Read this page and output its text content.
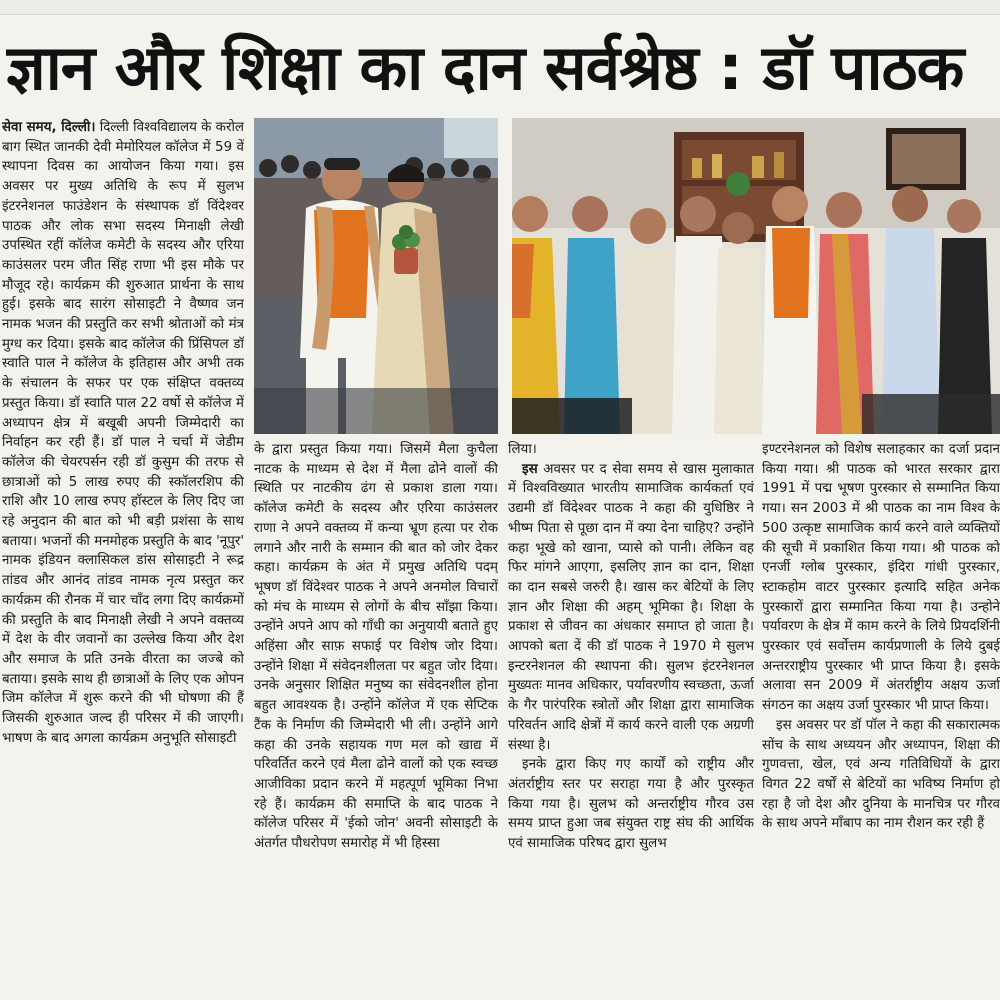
ज्ञान और शिक्षा का दान सर्वश्रेष्ठ : डॉ पाठक

सेवा समय, दिल्ली। दिल्ली विश्वविद्यालय के करोल बाग स्थित जानकी देवी मेमोरियल कॉलेज में 59 वें स्थापना दिवस का आयोजन किया गया। इस अवसर पर मुख्य अतिथि के रूप में सुलभ इंटरनेशनल फाउंडेशन के संस्थापक डॉ विंदेश्वर पाठक और लोक सभा सदस्य मिनाक्षी लेखी उपस्थित रहीं कॉलेज कमेटी के सदस्य और एरिया काउंसलर परम जीत सिंह राणा भी इस मौके पर मौजूद रहे। कार्यक्रम की शुरुआत प्रार्थना के साथ हुई। इसके बाद सारंग सोसाइटी ने वैष्णव जन नामक भजन की प्रस्तुति कर सभी श्रोताओं को मंत्र मुग्ध कर दिया। इसके बाद कॉलेज की प्रिंसिपल डॉ स्वाति पाल ने कॉलेज के इतिहास और अभी तक के संचालन के सफर पर एक संक्षिप्त वक्तव्य प्रस्तुत किया। डॉ स्वाति पाल 22 वर्षो से कॉलेज में अध्यापन क्षेत्र में बखूबी अपनी जिम्मेदारी का निर्वाहन कर रही हैं। डॉ पाल ने चर्चा में जेडीम कॉलेज की चेयरपर्सन रही डॉ कुसुम की तरफ से छात्राओं को 5 लाख रुपए की स्कॉलरशिप की राशि और 10 लाख रुपए हॉस्टल के लिए दिए जा रहे अनुदान की बात को भी बड़ी प्रशंसा के साथ बताया। भजनों की मनमोहक प्रस्तुति के बाद 'नूपुर' नामक इंडियन क्लासिकल डांस सोसाइटी ने रूद्र तांडव और आनंद तांडव नामक नृत्य प्रस्तुत कर कार्यक्रम की रौनक में चार चाँद लगा दिए कार्यक्रमों की प्रस्तुति के बाद मिनाक्षी लेखी ने अपने वक्तव्य में देश के वीर जवानों का उल्लेख किया और देश और समाज के प्रति उनके वीरता का जज्बे को बताया। इसके साथ ही छात्राओं के लिए एक ओपन जिम कॉलेज में शुरू करने की भी घोषणा की हैं जिसकी शुरुआत जल्द ही परिसर में की जाएगी। भाषण के बाद अगला कार्यक्रम अनुभूति सोसाइटी

के द्वारा प्रस्तुत किया गया। जिसमें मैला कुचैला नाटक के माध्यम से देश में मैला ढोने वालों की स्थिति पर नाटकीय ढंग से प्रकाश डाला गया। कॉलेज कमेटी के सदस्य और एरिया काउंसलर राणा ने अपने वक्तव्य में कन्या भ्रूण हत्या पर रोक लगाने और नारी के सम्मान की बात को जोर देकर कहा। कार्यक्रम के अंत में प्रमुख अतिथि पदम् भूषण डॉ विंदेश्वर पाठक ने अपने अनमोल विचारों को मंच के माध्यम से लोगों के बीच सॉंझा किया। उन्होंने अपने आप को गाँधी का अनुयायी बताते हुए अहिंसा और साफ़ सफाई पर विशेष जोर दिया। उन्होंने शिक्षा में संवेदनशीलता पर बहुत जोर दिया। उनके अनुसार शिक्षित मनुष्य का संवेदनशील होना बहुत आवश्यक है। उन्होंने कॉलेज में एक सेप्टिक टैंक के निर्माण की जिम्मेदारी भी ली। उन्होंने आगे कहा की उनके सहायक गण मल को खाद्य में परिवर्तित करने एवं मैला ढोने वालों को एक स्वच्छ आजीविका प्रदान करने में महत्पूर्ण भूमिका निभा रहे हैं। कार्यक्रम की समाप्ति के बाद पाठक ने कॉलेज परिसर में 'ईको जोन' अवनी सोसाइटी के अंतर्गत पौधरोपण समारोह में भी हिस्सा

लिया।

इस अवसर पर द सेवा समय से खास मुलाकात में विश्वविख्यात भारतीय सामाजिक कार्यकर्ता एवं उद्यमी डॉ विंदेश्वर पाठक ने कहा की युधिष्ठिर ने भीष्म पिता से पूछा दान में क्या देना चाहिए? उन्होंने कहा भूखे को खाना, प्यासे को पानी। लेकिन वह फिर मांगने आएगा, इसलिए ज्ञान का दान, शिक्षा का दान सबसे जरुरी है। खास कर बेटियों के लिए ज्ञान और शिक्षा की अहम् भूमिका है। शिक्षा के प्रकाश से जीवन का अंधकार समाप्त हो जाता है। आपको बता दें की डॉ पाठक ने 1970 मे सुलभ इन्टरनेशनल की स्थापना की। सुलभ इंटरनेशनल मुख्यतः मानव अधिकार, पर्यावरणीय स्वच्छता, ऊर्जा के गैर पारंपरिक स्त्रोतों और शिक्षा द्वारा सामाजिक परिवर्तन आदि क्षेत्रों में कार्य करने वाली एक अग्रणी संस्था है।

इनके द्वारा किए गए कार्यों को राष्ट्रीय और अंतर्राष्ट्रीय स्तर पर सराहा गया है और पुरस्कृत किया गया है। सुलभ को अन्तर्राष्ट्रीय गौरव उस समय प्राप्त हुआ जब संयुक्त राष्ट्र संघ की आर्थिक एवं सामाजिक परिषद द्वारा सुलभ

इण्टरनेशनल को विशेष सलाहकार का दर्जा प्रदान किया गया। श्री पाठक को भारत सरकार द्वारा 1991 में पद्म भूषण पुरस्कार से सम्मानित किया गया। सन 2003 में श्री पाठक का नाम विश्व के 500 उत्कृष्ट सामाजिक कार्य करने वाले व्यक्तियों की सूची में प्रकाशित किया गया। श्री पाठक को एनर्जी ग्लोब पुरस्कार, इंदिरा गांधी पुरस्कार, स्टाकहोम वाटर पुरस्कार इत्यादि सहित अनेक पुरस्कारों द्वारा सम्मानित किया गया है। उन्होने पर्यावरण के क्षेत्र में काम करने के लिये प्रियदर्शिनी पुरस्कार एवं सर्वोत्तम कार्यप्रणाली के लिये दुबई अन्तरराष्ट्रीय पुरस्कार भी प्राप्त किया है। इसके अलावा सन 2009 में अंतर्राष्ट्रीय अक्षय ऊर्जा संगठन का अक्षय उर्जा पुरस्कार भी प्राप्त किया।

इस अवसर पर डॉ पॉल ने कहा की सकारात्मक सोंच के साथ अध्ययन और अध्यापन, शिक्षा की गुणवत्ता, खेल, एवं अन्य गतिविधियों के द्वारा विगत 22 वर्षों से बेटियों का भविष्य निर्माण हो रहा है जो देश और दुनिया के मानचित्र पर गौरव के साथ अपने माँबाप का नाम रौशन कर रही हैं
